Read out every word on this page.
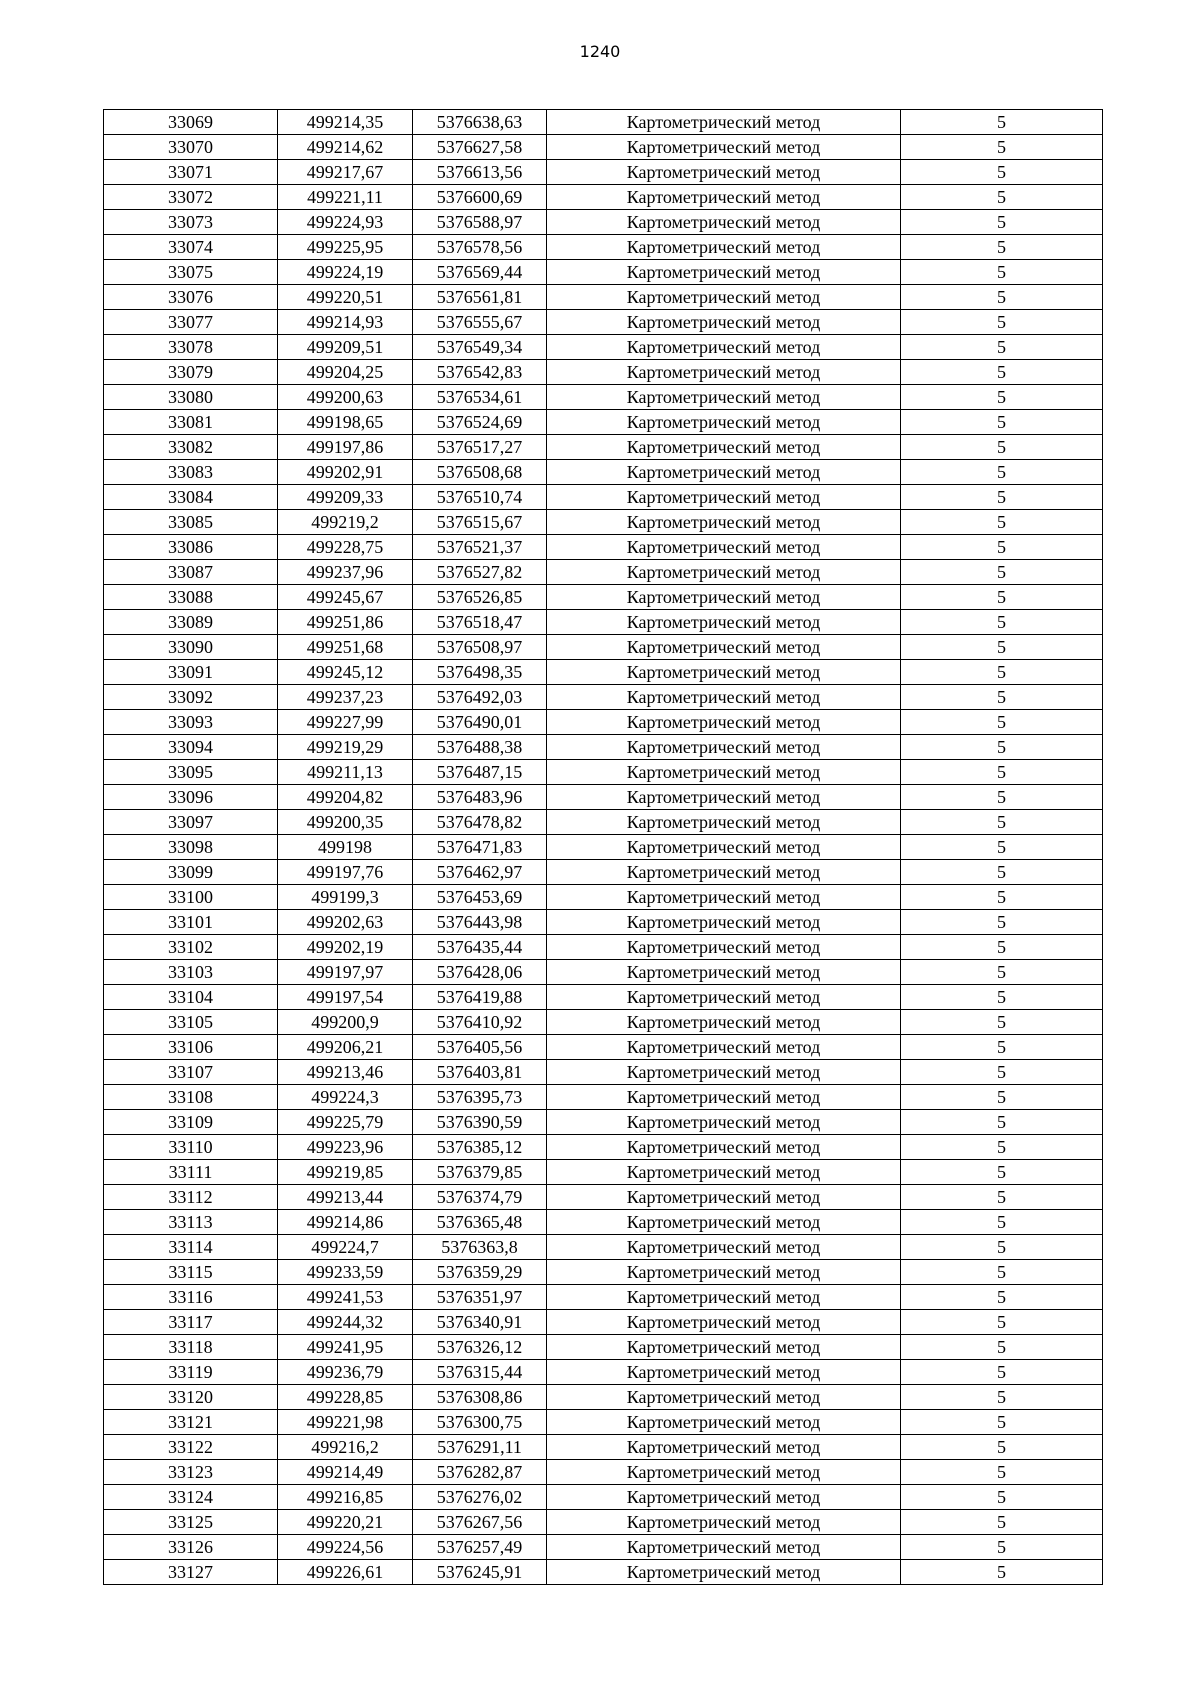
1240
33069	499214,35	5376638,63	Картометрический метод	5
33070	499214,62	5376627,58	Картометрический метод	5
33071	499217,67	5376613,56	Картометрический метод	5
33072	499221,11	5376600,69	Картометрический метод	5
33073	499224,93	5376588,97	Картометрический метод	5
33074	499225,95	5376578,56	Картометрический метод	5
33075	499224,19	5376569,44	Картометрический метод	5
33076	499220,51	5376561,81	Картометрический метод	5
33077	499214,93	5376555,67	Картометрический метод	5
33078	499209,51	5376549,34	Картометрический метод	5
33079	499204,25	5376542,83	Картометрический метод	5
33080	499200,63	5376534,61	Картометрический метод	5
33081	499198,65	5376524,69	Картометрический метод	5
33082	499197,86	5376517,27	Картометрический метод	5
33083	499202,91	5376508,68	Картометрический метод	5
33084	499209,33	5376510,74	Картометрический метод	5
33085	499219,2	5376515,67	Картометрический метод	5
33086	499228,75	5376521,37	Картометрический метод	5
33087	499237,96	5376527,82	Картометрический метод	5
33088	499245,67	5376526,85	Картометрический метод	5
33089	499251,86	5376518,47	Картометрический метод	5
33090	499251,68	5376508,97	Картометрический метод	5
33091	499245,12	5376498,35	Картометрический метод	5
33092	499237,23	5376492,03	Картометрический метод	5
33093	499227,99	5376490,01	Картометрический метод	5
33094	499219,29	5376488,38	Картометрический метод	5
33095	499211,13	5376487,15	Картометрический метод	5
33096	499204,82	5376483,96	Картометрический метод	5
33097	499200,35	5376478,82	Картометрический метод	5
33098	499198	5376471,83	Картометрический метод	5
33099	499197,76	5376462,97	Картометрический метод	5
33100	499199,3	5376453,69	Картометрический метод	5
33101	499202,63	5376443,98	Картометрический метод	5
33102	499202,19	5376435,44	Картометрический метод	5
33103	499197,97	5376428,06	Картометрический метод	5
33104	499197,54	5376419,88	Картометрический метод	5
33105	499200,9	5376410,92	Картометрический метод	5
33106	499206,21	5376405,56	Картометрический метод	5
33107	499213,46	5376403,81	Картометрический метод	5
33108	499224,3	5376395,73	Картометрический метод	5
33109	499225,79	5376390,59	Картометрический метод	5
33110	499223,96	5376385,12	Картометрический метод	5
33111	499219,85	5376379,85	Картометрический метод	5
33112	499213,44	5376374,79	Картометрический метод	5
33113	499214,86	5376365,48	Картометрический метод	5
33114	499224,7	5376363,8	Картометрический метод	5
33115	499233,59	5376359,29	Картометрический метод	5
33116	499241,53	5376351,97	Картометрический метод	5
33117	499244,32	5376340,91	Картометрический метод	5
33118	499241,95	5376326,12	Картометрический метод	5
33119	499236,79	5376315,44	Картометрический метод	5
33120	499228,85	5376308,86	Картометрический метод	5
33121	499221,98	5376300,75	Картометрический метод	5
33122	499216,2	5376291,11	Картометрический метод	5
33123	499214,49	5376282,87	Картометрический метод	5
33124	499216,85	5376276,02	Картометрический метод	5
33125	499220,21	5376267,56	Картометрический метод	5
33126	499224,56	5376257,49	Картометрический метод	5
33127	499226,61	5376245,91	Картометрический метод	5
